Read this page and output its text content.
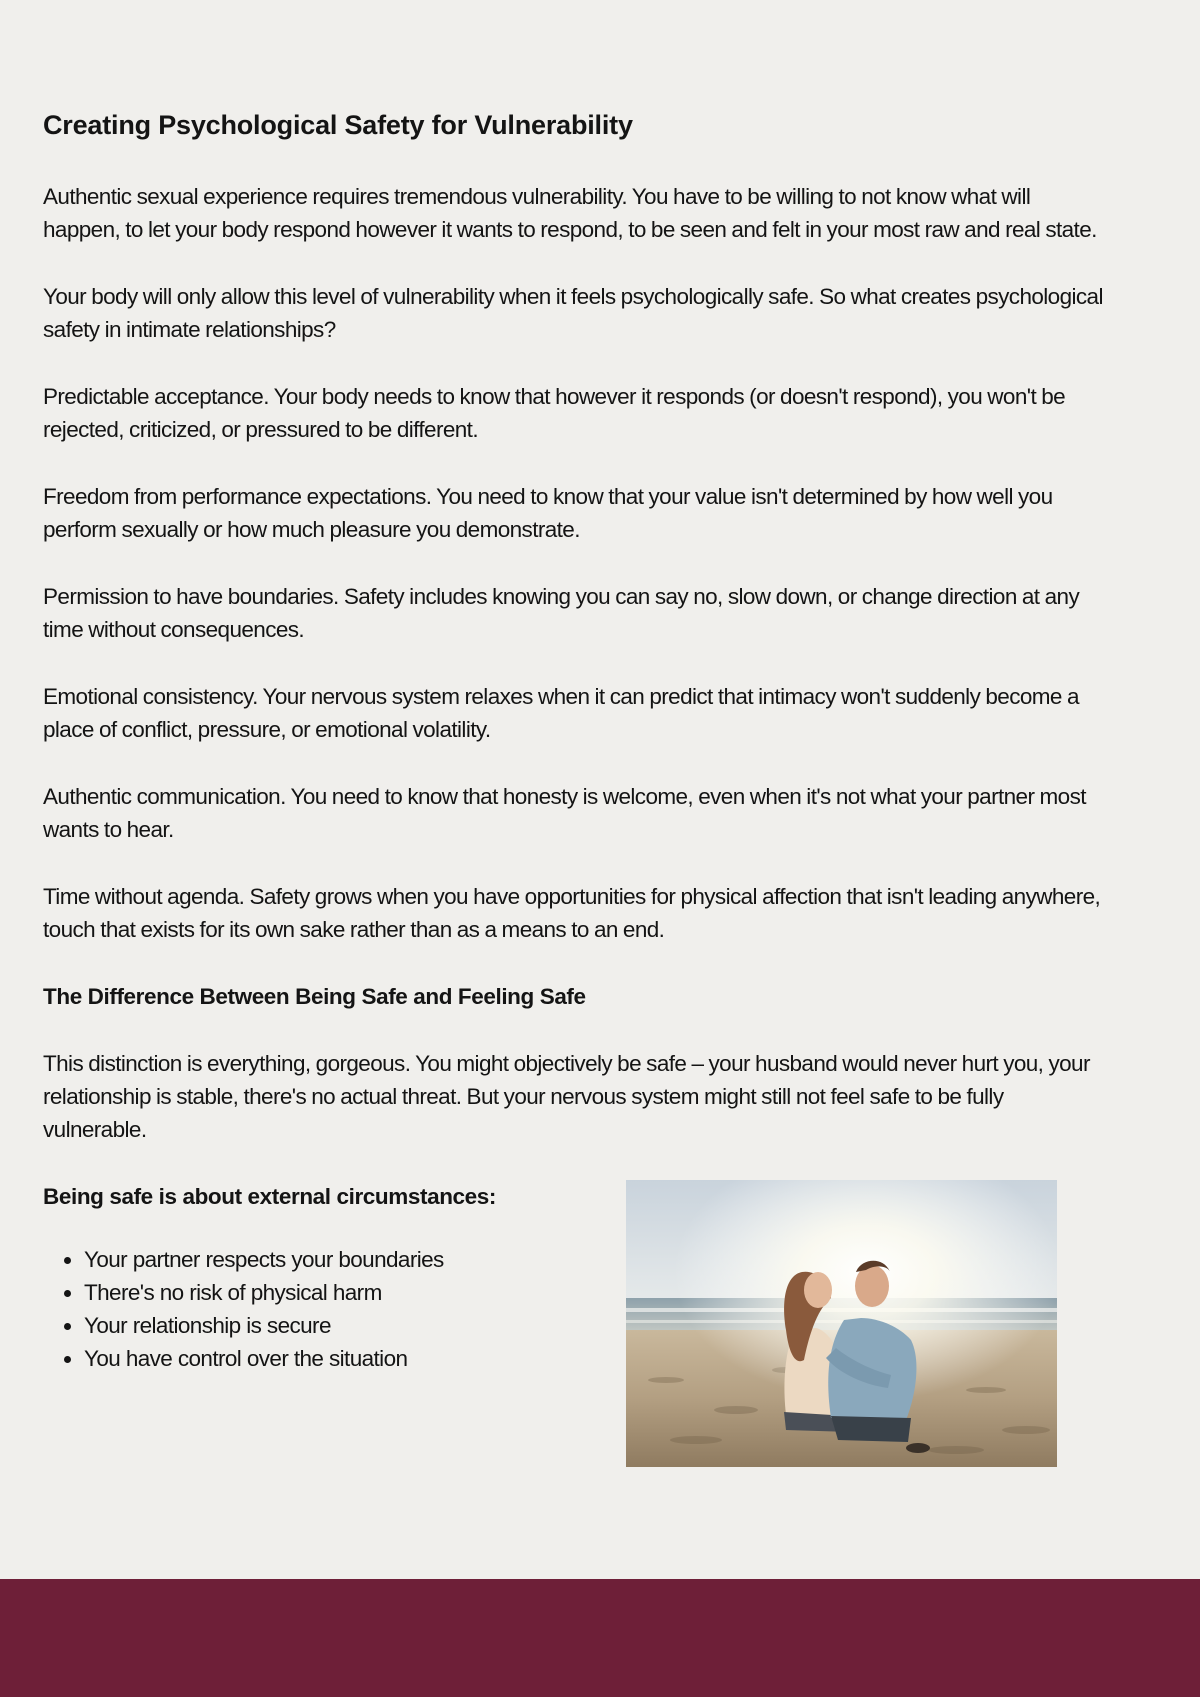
Creating Psychological Safety for Vulnerability

Authentic sexual experience requires tremendous vulnerability. You have to be willing to not know what will happen, to let your body respond however it wants to respond, to be seen and felt in your most raw and real state.

Your body will only allow this level of vulnerability when it feels psychologically safe. So what creates psychological safety in intimate relationships?

Predictable acceptance. Your body needs to know that however it responds (or doesn't respond), you won't be rejected, criticized, or pressured to be different.

Freedom from performance expectations. You need to know that your value isn't determined by how well you perform sexually or how much pleasure you demonstrate.

Permission to have boundaries. Safety includes knowing you can say no, slow down, or change direction at any time without consequences.

Emotional consistency. Your nervous system relaxes when it can predict that intimacy won't suddenly become a place of conflict, pressure, or emotional volatility.

Authentic communication. You need to know that honesty is welcome, even when it's not what your partner most wants to hear.

Time without agenda. Safety grows when you have opportunities for physical affection that isn't leading anywhere, touch that exists for its own sake rather than as a means to an end.

The Difference Between Being Safe and Feeling Safe

This distinction is everything, gorgeous. You might objectively be safe – your husband would never hurt you, your relationship is stable, there's no actual threat. But your nervous system might still not feel safe to be fully vulnerable.

Being safe is about external circumstances:
• Your partner respects your boundaries
• There's no risk of physical harm
• Your relationship is secure
• You have control over the situation
